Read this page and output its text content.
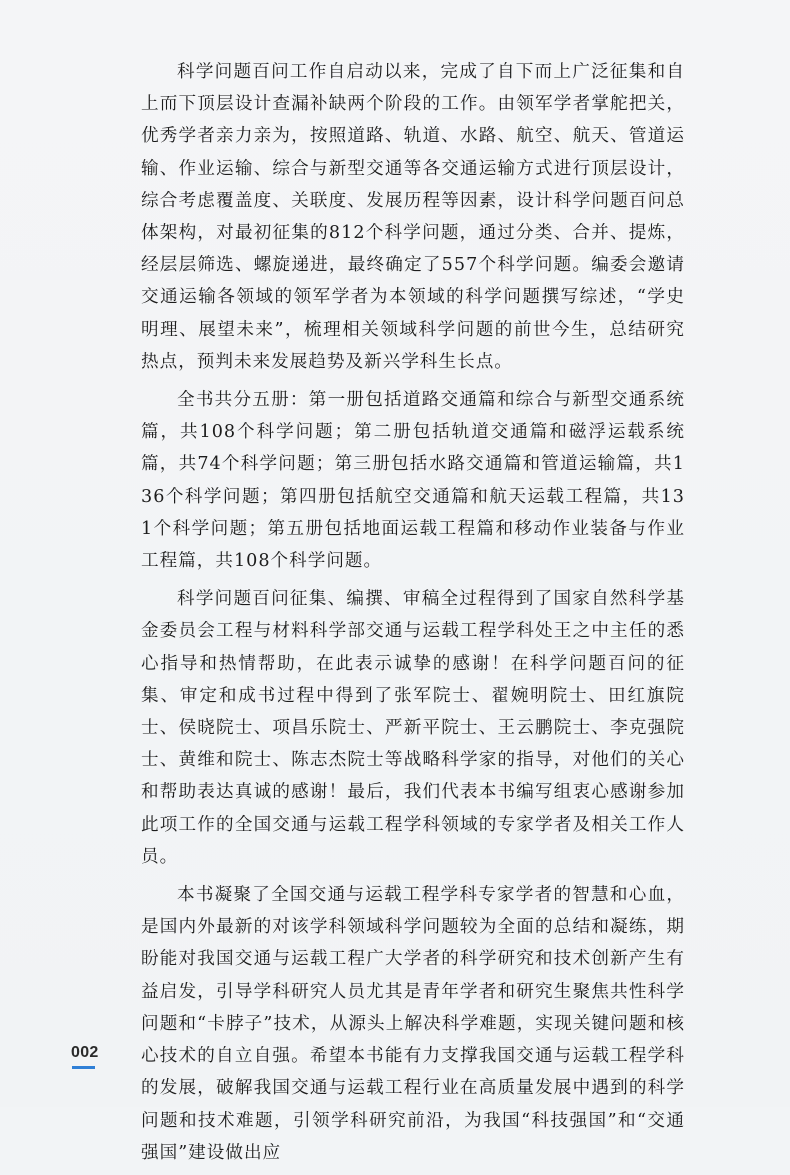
科学问题百问工作自启动以来，完成了自下而上广泛征集和自上而下顶层设计查漏补缺两个阶段的工作。由领军学者掌舵把关，优秀学者亲力亲为，按照道路、轨道、水路、航空、航天、管道运输、作业运输、综合与新型交通等各交通运输方式进行顶层设计，综合考虑覆盖度、关联度、发展历程等因素，设计科学问题百问总体架构，对最初征集的812个科学问题，通过分类、合并、提炼，经层层筛选、螺旋递进，最终确定了557个科学问题。编委会邀请交通运输各领域的领军学者为本领域的科学问题撰写综述，“学史明理、展望未来”，梳理相关领域科学问题的前世今生，总结研究热点，预判未来发展趋势及新兴学科生长点。

全书共分五册：第一册包括道路交通篇和综合与新型交通系统篇，共108个科学问题；第二册包括轨道交通篇和磁浮运载系统篇，共74个科学问题；第三册包括水路交通篇和管道运输篇，共136个科学问题；第四册包括航空交通篇和航天运载工程篇，共131个科学问题；第五册包括地面运载工程篇和移动作业装备与作业工程篇，共108个科学问题。

科学问题百问征集、编撰、审稿全过程得到了国家自然科学基金委员会工程与材料科学部交通与运载工程学科处王之中主任的悉心指导和热情帮助，在此表示诚挚的感谢！在科学问题百问的征集、审定和成书过程中得到了张军院士、翟婉明院士、田红旗院士、侯晓院士、项昌乐院士、严新平院士、王云鹏院士、李克强院士、黄维和院士、陈志杰院士等战略科学家的指导，对他们的关心和帮助表达真诚的感谢！最后，我们代表本书编写组衷心感谢参加此项工作的全国交通与运载工程学科领域的专家学者及相关工作人员。

本书凝聚了全国交通与运载工程学科专家学者的智慧和心血，是国内外最新的对该学科领域科学问题较为全面的总结和凝练，期盼能对我国交通与运载工程广大学者的科学研究和技术创新产生有益启发，引导学科研究人员尤其是青年学者和研究生聚焦共性科学问题和“卡脖子”技术，从源头上解决科学难题，实现关键问题和核心技术的自立自强。希望本书能有力支撑我国交通与运载工程学科的发展，破解我国交通与运载工程行业在高质量发展中遇到的科学问题和技术难题，引领学科研究前沿，为我国“科技强国”和“交通强国”建设做出应

002
